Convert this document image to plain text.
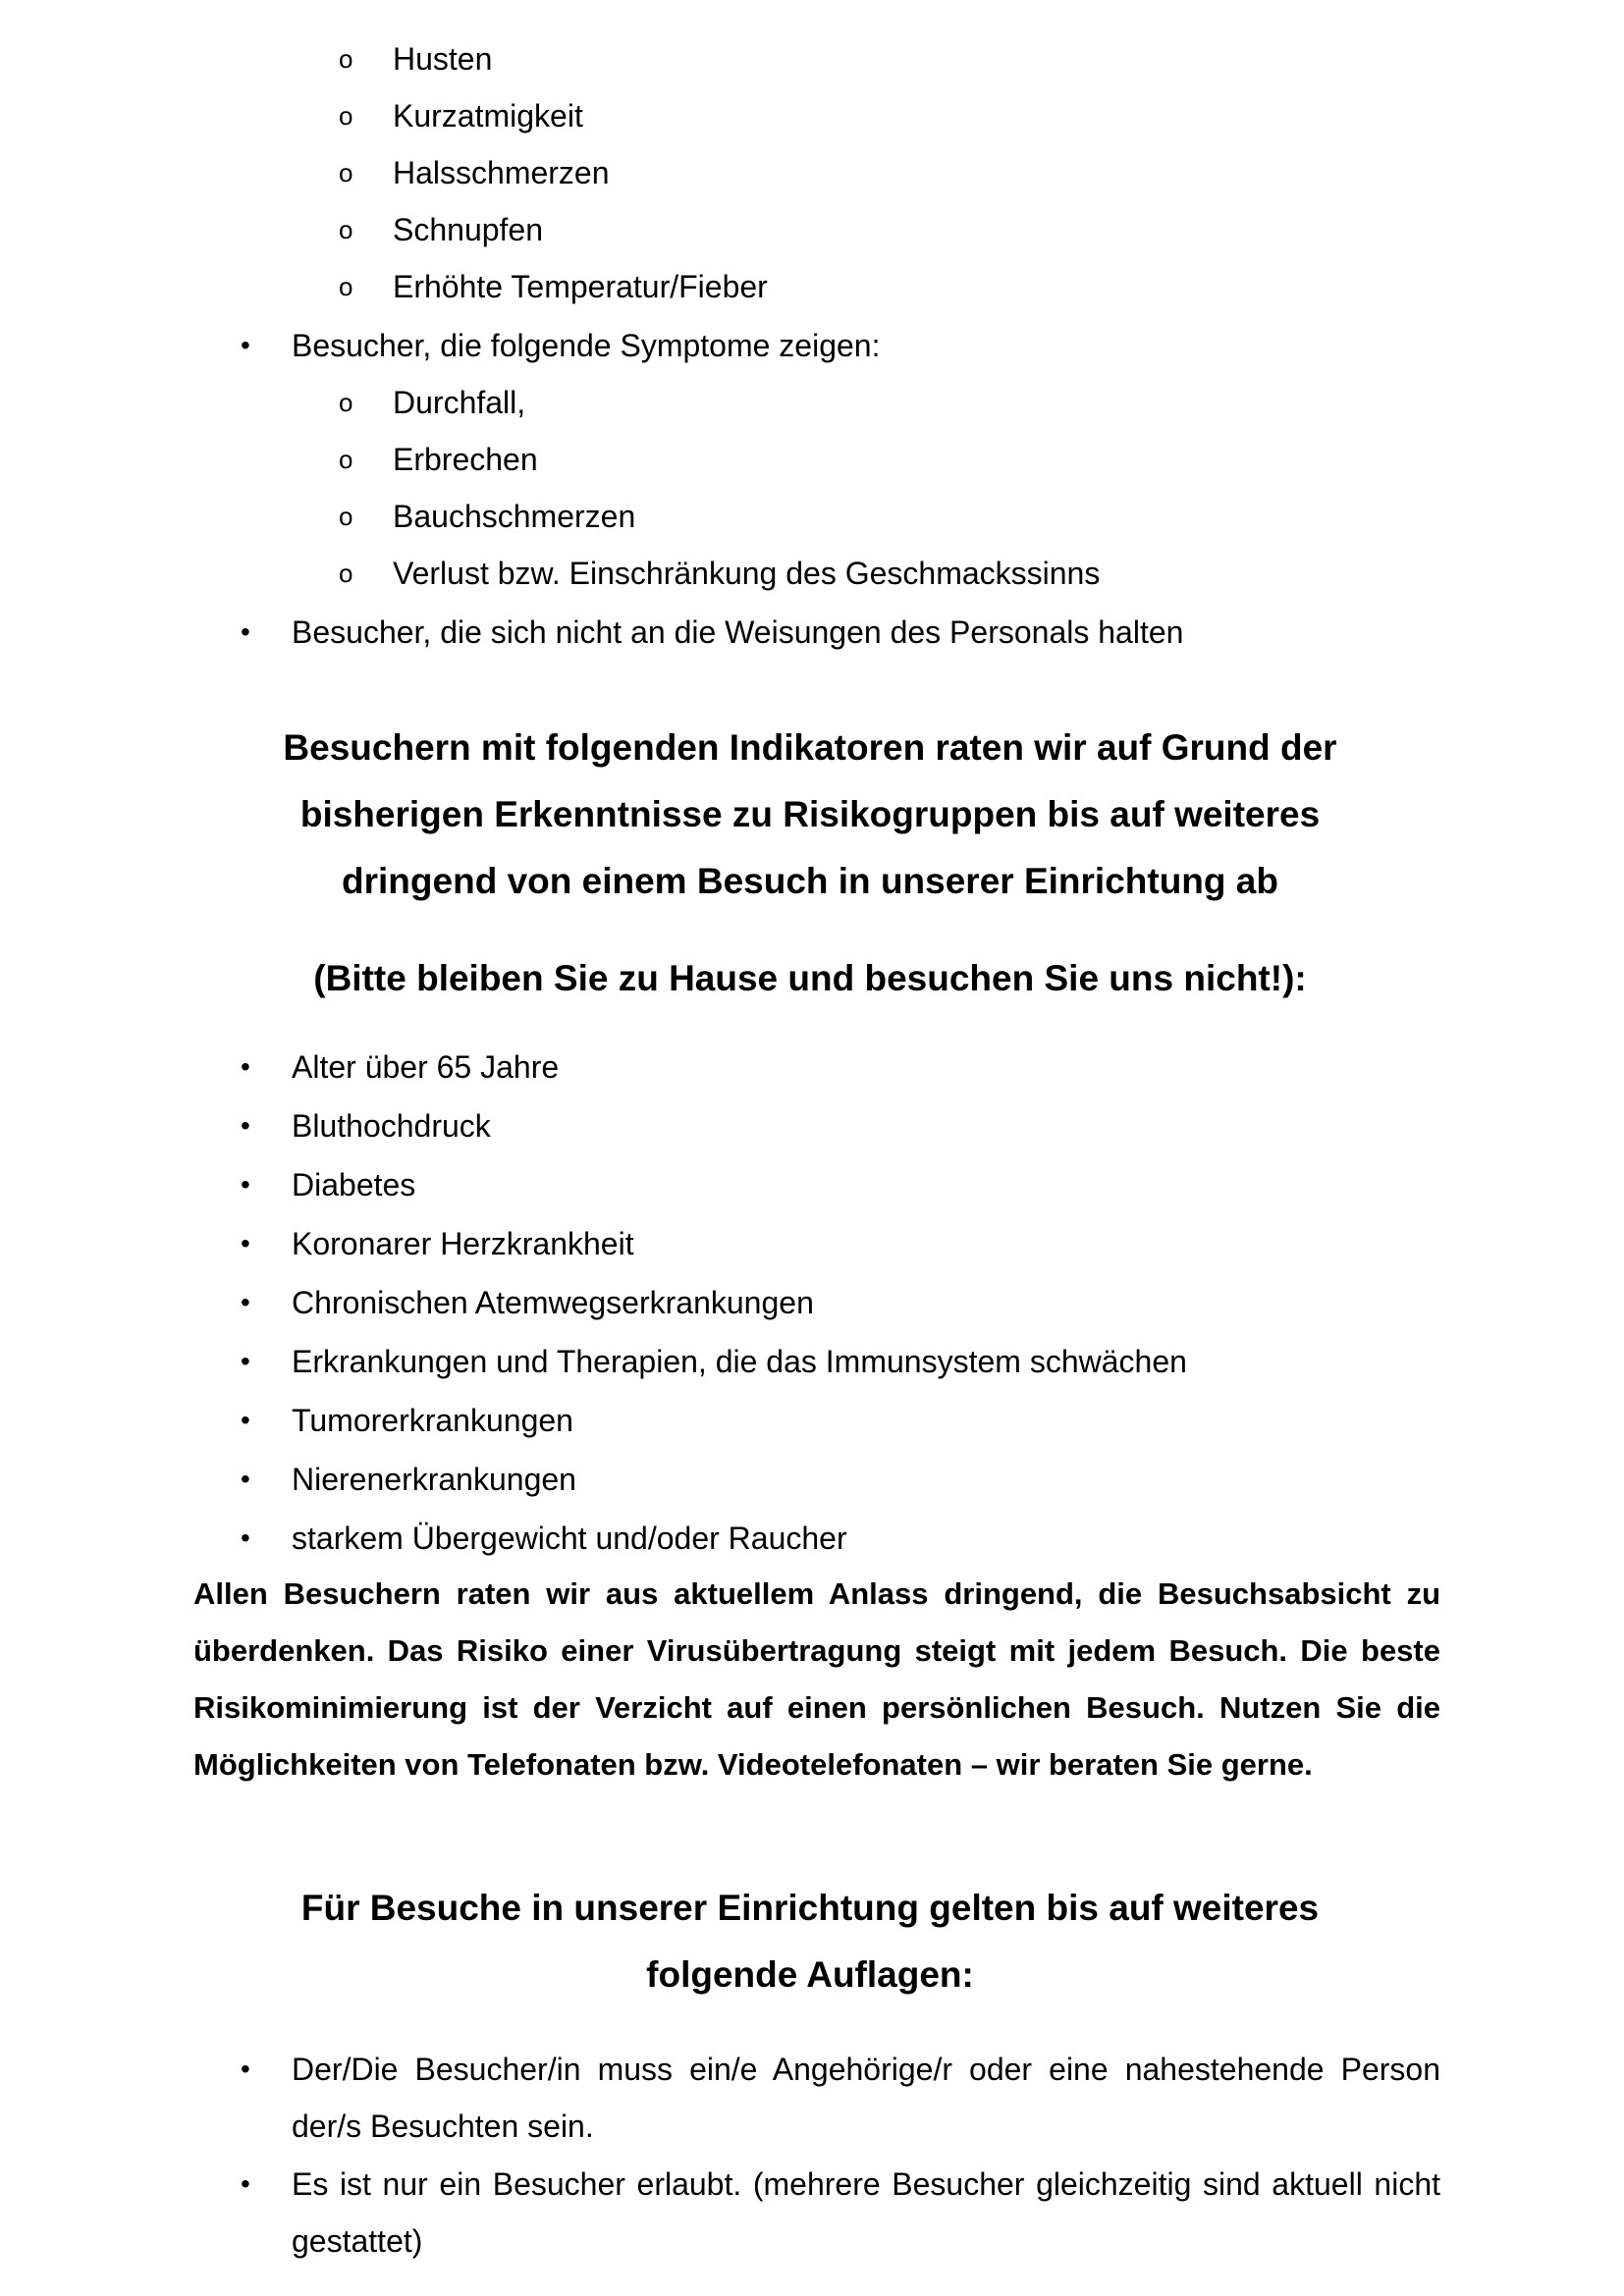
o Husten
o Kurzatmigkeit
o Halsschmerzen
o Schnupfen
o Erhöhte Temperatur/Fieber
• Besucher, die folgende Symptome zeigen:
o Durchfall,
o Erbrechen
o Bauchschmerzen
o Verlust bzw. Einschränkung des Geschmackssinns
• Besucher, die sich nicht an die Weisungen des Personals halten
Besuchern mit folgenden Indikatoren raten wir auf Grund der
bisherigen Erkenntnisse zu Risikogruppen bis auf weiteres
dringend von einem Besuch in unserer Einrichtung ab
(Bitte bleiben Sie zu Hause und besuchen Sie uns nicht!):
• Alter über 65 Jahre
• Bluthochdruck
• Diabetes
• Koronarer Herzkrankheit
• Chronischen Atemwegserkrankungen
• Erkrankungen und Therapien, die das Immunsystem schwächen
• Tumorerkrankungen
• Nierenerkrankungen
• starkem Übergewicht und/oder Raucher
Allen Besuchern raten wir aus aktuellem Anlass dringend, die Besuchsabsicht zu überdenken. Das Risiko einer Virusübertragung steigt mit jedem Besuch. Die beste Risikominimierung ist der Verzicht auf einen persönlichen Besuch. Nutzen Sie die Möglichkeiten von Telefonaten bzw. Videotelefonaten – wir beraten Sie gerne.
Für Besuche in unserer Einrichtung gelten bis auf weiteres
folgende Auflagen:
• Der/Die Besucher/in muss ein/e Angehörige/r oder eine nahestehende Person der/s Besuchten sein.
• Es ist nur ein Besucher erlaubt. (mehrere Besucher gleichzeitig sind aktuell nicht gestattet)
